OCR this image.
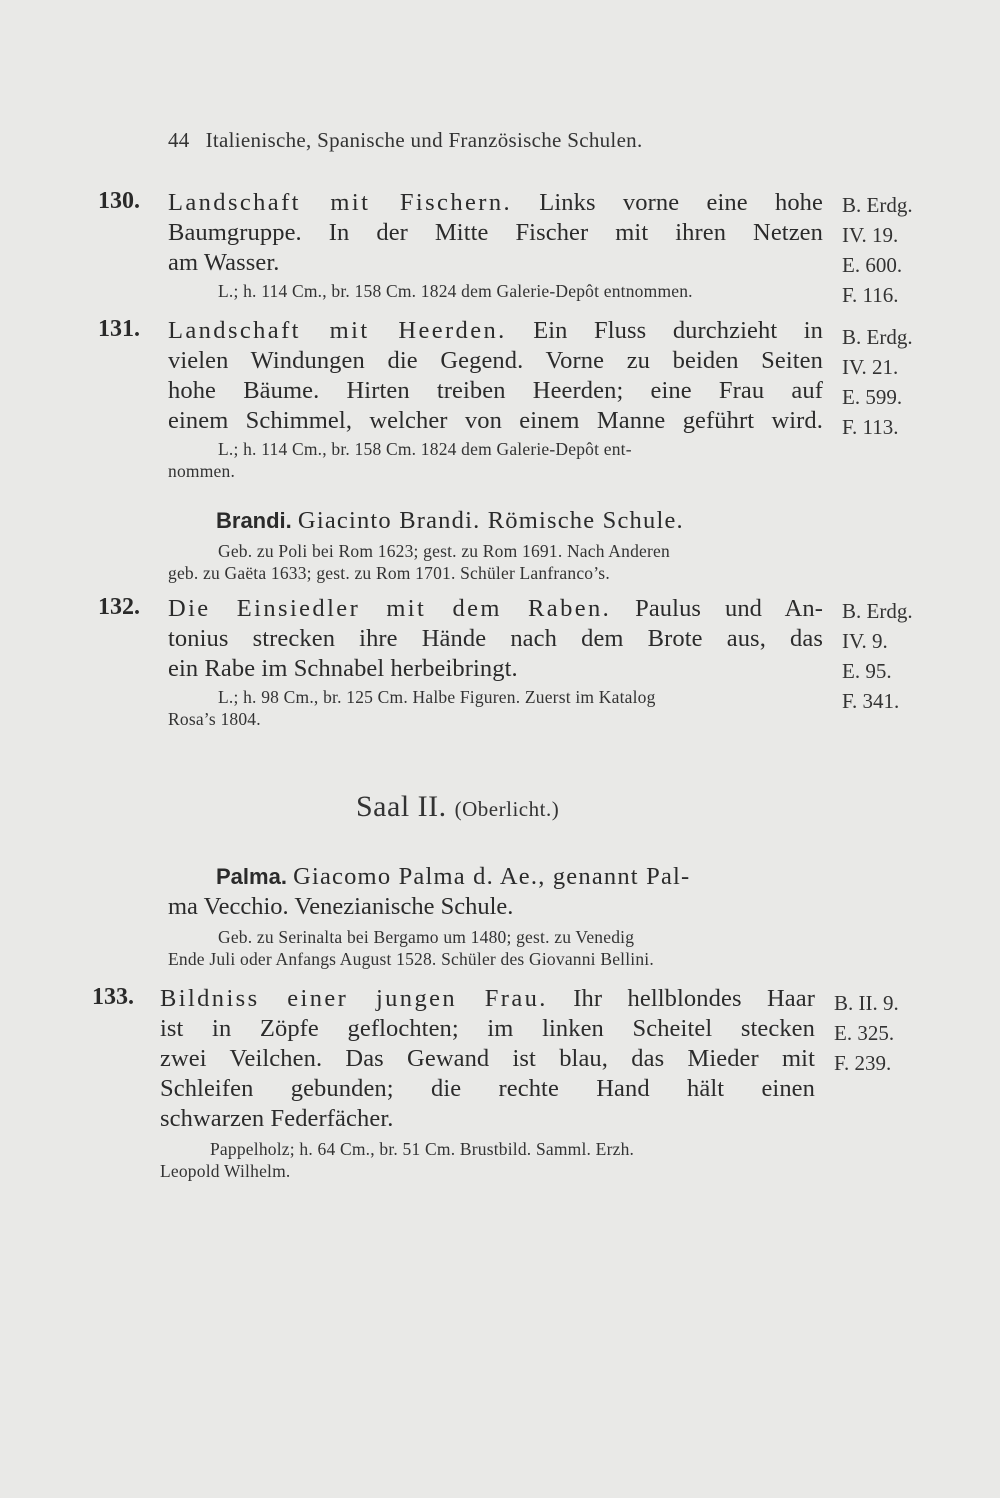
44 Italienische, Spanische und Französische Schulen.
130. Landschaft mit Fischern. Links vorne eine hohe
Baumgruppe. In der Mitte Fischer mit ihren Netzen
am Wasser.
L.; h. 114 Cm., br. 158 Cm. 1824 dem Galerie-Depôt entnommen.
B. Erdg.
IV. 19.
E. 600.
F. 116.
131. Landschaft mit Heerden. Ein Fluss durchzieht in
vielen Windungen die Gegend. Vorne zu beiden Seiten
hohe Bäume. Hirten treiben Heerden; eine Frau auf
einem Schimmel, welcher von einem Manne geführt wird.
L.; h. 114 Cm., br. 158 Cm. 1824 dem Galerie-Depôt ent-
nommen.
B. Erdg.
IV. 21.
E. 599.
F. 113.
Brandi. Giacinto Brandi. Römische Schule.
Geb. zu Poli bei Rom 1623; gest. zu Rom 1691. Nach Anderen
geb. zu Gaëta 1633; gest. zu Rom 1701. Schüler Lanfranco’s.
132. Die Einsiedler mit dem Raben. Paulus und An-
tonius strecken ihre Hände nach dem Brote aus, das
ein Rabe im Schnabel herbeibringt.
L.; h. 98 Cm., br. 125 Cm. Halbe Figuren. Zuerst im Katalog
Rosa’s 1804.
B. Erdg.
IV. 9.
E. 95.
F. 341.
Saal II. (Oberlicht.)
Palma. Giacomo Palma d. Ae., genannt Pal-
ma Vecchio. Venezianische Schule.
Geb. zu Serinalta bei Bergamo um 1480; gest. zu Venedig
Ende Juli oder Anfangs August 1528. Schüler des Giovanni Bellini.
133. Bildniss einer jungen Frau. Ihr hellblondes Haar
ist in Zöpfe geflochten; im linken Scheitel stecken
zwei Veilchen. Das Gewand ist blau, das Mieder mit
Schleifen gebunden; die rechte Hand hält einen
schwarzen Federfächer.
Pappelholz; h. 64 Cm., br. 51 Cm. Brustbild. Samml. Erzh.
Leopold Wilhelm.
B. II. 9.
E. 325.
F. 239.
